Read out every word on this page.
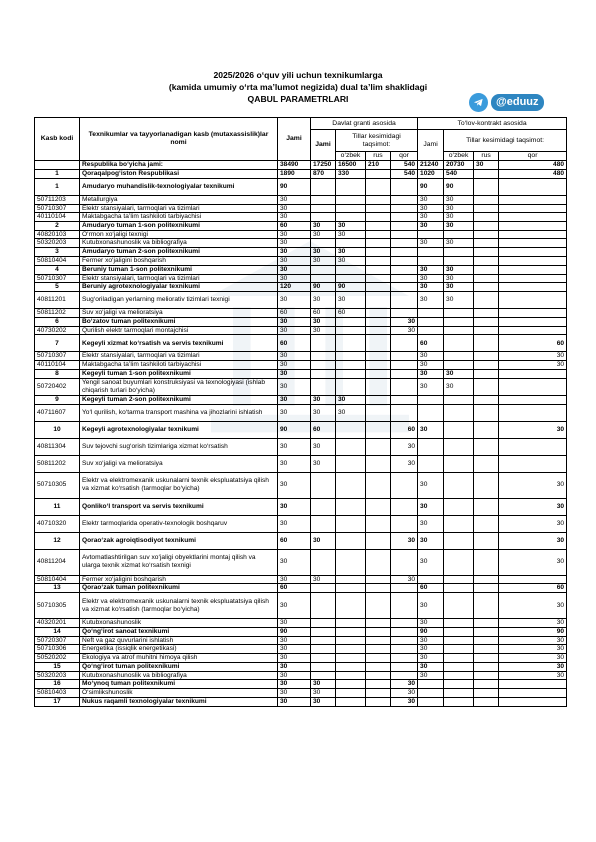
2025/2026 o‘quv yili uchun texnikumlarga
(kamida umumiy o‘rta ma’lumot negizida) dual ta’lim shaklidagi
QABUL PARAMETRLARI	@eduuz
Kasb kodi	Texnikumlar va tayyorlanadigan kasb (mutaxassislik)lar nomi	Jami	Davlat granti asosida				To‘lov-kontrakt asosida			
			Jami	Tillar kesimidagi taqsimot:			Jami	Tillar kesimidagi taqsimot:		
				o‘zbek	rus	qor		o‘zbek	rus	qor
	Respublika bo‘yicha jami:	38490	17250	16500	210	540	21240	20730	30	480
1	Qoraqalpog‘iston Respublikasi	1890	870	330		540	1020	540		480
1	Amudaryo muhandislik-texnologiyalar texnikumi	90					90	90		
50711203	Metallurgiya	30					30	30		
50710307	Elektr stansiyalari, tarmoqlari va tizimlari	30					30	30		
40110104	Maktabgacha ta’lim tashkiloti tarbiyachisi	30					30	30		
2	Amudaryo tuman 1-son politexnikumi	60	30	30			30	30		
40820103	O‘rmon xo‘jaligi texnigi	30	30	30						
50320203	Kutubxonashunoslik va bibliografiya	30					30	30		
3	Amudaryo tuman 2-son politexnikumi	30	30	30						
50810404	Fermer xo‘jaligini boshqarish	30	30	30						
4	Beruniy tuman 1-son politexnikumi	30					30	30		
50710307	Elektr stansiyalari, tarmoqlari va tizimlari	30					30	30		
5	Beruniy agrotexnologiyalar texnikumi	120	90	90			30	30		
40811201	Sug‘oriladigan yerlarning meliorativ tizimlari texnigi	30	30	30			30	30		
50811202	Suv xo‘jaligi va melioratsiya	60	60	60						
6	Bo‘zatov tuman politexnikumi	30	30			30				
40730202	Qurilish elektr tarmoqlari montajchisi	30	30			30				
7	Kegeyli xizmat ko‘rsatish va servis texnikumi	60					60			60
50710307	Elektr stansiyalari, tarmoqlari va tizimlari	30					30			30
40110104	Maktabgacha ta’lim tashkiloti tarbiyachisi	30					30			30
8	Kegeyli tuman 1-son politexnikumi	30					30	30		
50720402	Yengil sanoat buyumlari konstruksiyasi va texnologiyasi (ishlab chiqarish turlari bo‘yicha)	30					30	30		
9	Kegeyli tuman 2-son politexnikumi	30	30	30						
40711607	Yo‘l qurilish, ko‘tarma transport mashina va jihozlarini ishlatish	30	30	30						
10	Kegeyli agrotexnologiyalar texnikumi	90	60			60	30			30
40811304	Suv tejovchi sug‘orish tizimlariga xizmat ko‘rsatish	30	30			30				
50811202	Suv xo‘jaligi va melioratsiya	30	30			30				
50710305	Elektr va elektromexanik uskunalarni texnik ekspluatatsiya qilish va xizmat ko‘rsatish (tarmoqlar bo‘yicha)	30					30			30
11	Qonliko‘l transport va servis texnikumi	30					30			30
40710320	Elektr tarmoqlarida operativ-texnologik boshqaruv	30					30			30
12	Qorao‘zak agroiqtisodiyot texnikumi	60	30			30	30			30
40811204	Avtomatlashtirilgan suv xo‘jaligi obyektlarini montaj qilish va ularga texnik xizmat ko‘rsatish texnigi	30					30			30
50810404	Fermer xo‘jaligini boshqarish	30	30			30				
13	Qorao‘zak tuman politexnikumi	60					60			60
50710305	Elektr va elektromexanik uskunalarni texnik ekspluatatsiya qilish va xizmat ko‘rsatish (tarmoqlar bo‘yicha)	30					30			30
40320201	Kutubxonashunoslik	30					30			30
14	Qo‘ng‘irot sanoat texnikumi	90					90			90
50720307	Neft va gaz quvurlarini ishlatish	30					30			30
50710306	Energetika (issiqlik energetikasi)	30					30			30
50520202	Ekologiya va atrof muhitni himoya qilish	30					30			30
15	Qo‘ng‘irot tuman politexnikumi	30					30			30
50320203	Kutubxonashunoslik va bibliografiya	30					30			30
16	Mo‘ynoq tuman politexnikumi	30	30			30				
50810403	O‘simlikshunoslik	30	30			30				
17	Nukus raqamli texnologiyalar texnikumi	30	30			30				
